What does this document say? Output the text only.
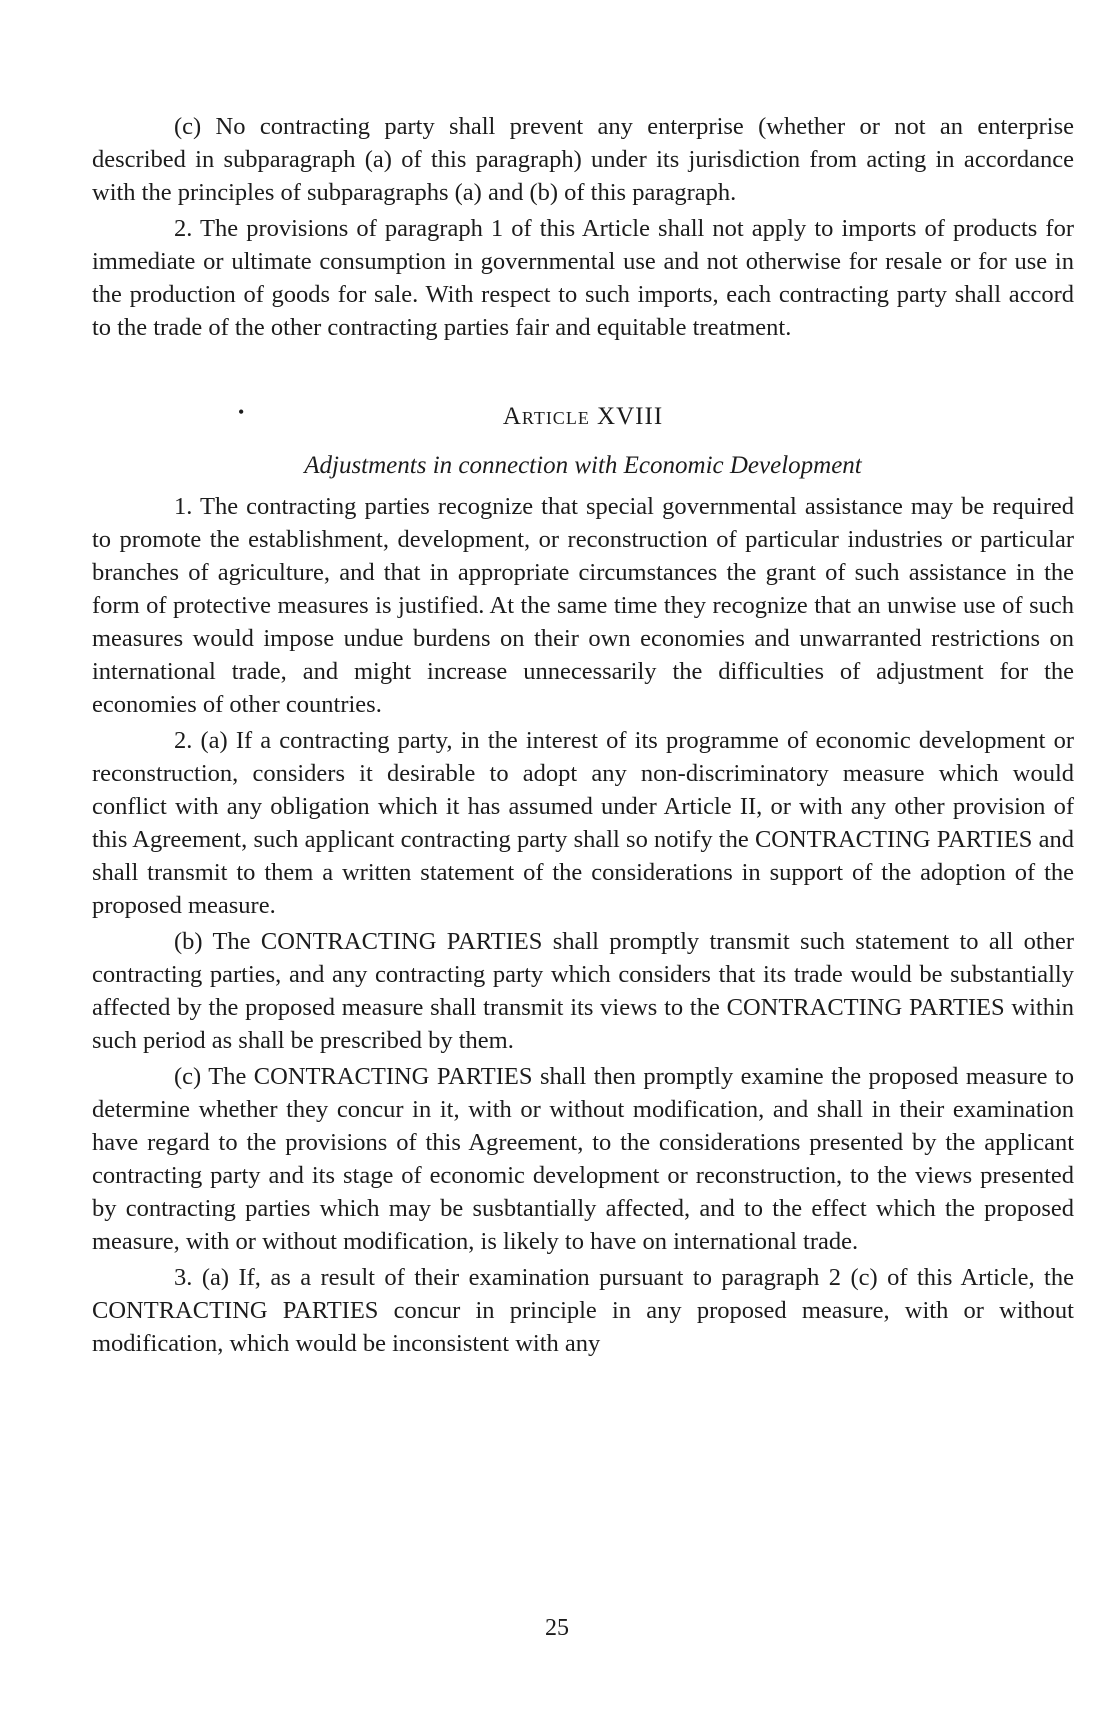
(c) No contracting party shall prevent any enterprise (whether or not an enterprise described in subparagraph (a) of this paragraph) under its jurisdiction from acting in accordance with the principles of subparagraphs (a) and (b) of this paragraph.

2. The provisions of paragraph 1 of this Article shall not apply to imports of products for immediate or ultimate consumption in governmental use and not otherwise for resale or for use in the production of goods for sale. With respect to such imports, each contracting party shall accord to the trade of the other contracting parties fair and equitable treatment.

•	Article XVIII
Adjustments in connection with Economic Development

1. The contracting parties recognize that special governmental assistance may be required to promote the establishment, development, or reconstruction of particular industries or particular branches of agriculture, and that in appropriate circumstances the grant of such assistance in the form of protective measures is justified. At the same time they recognize that an unwise use of such measures would impose undue burdens on their own economies and unwarranted restrictions on international trade, and might increase unnecessarily the difficulties of adjustment for the economies of other countries.

2. (a) If a contracting party, in the interest of its programme of economic development or reconstruction, considers it desirable to adopt any non-discriminatory measure which would conflict with any obligation which it has assumed under Article II, or with any other provision of this Agreement, such applicant contracting party shall so notify the CONTRACTING PARTIES and shall transmit to them a written statement of the considerations in support of the adoption of the proposed measure.

(b) The CONTRACTING PARTIES shall promptly transmit such statement to all other contracting parties, and any contracting party which considers that its trade would be substantially affected by the proposed measure shall transmit its views to the CONTRACTING PARTIES within such period as shall be prescribed by them.

(c) The CONTRACTING PARTIES shall then promptly examine the proposed measure to determine whether they concur in it, with or without modification, and shall in their examination have regard to the provisions of this Agreement, to the considerations presented by the applicant contracting party and its stage of economic development or reconstruction, to the views presented by contracting parties which may be susbtantially affected, and to the effect which the proposed measure, with or without modification, is likely to have on international trade.

3. (a) If, as a result of their examination pursuant to paragraph 2 (c) of this Article, the CONTRACTING PARTIES concur in principle in any proposed measure, with or without modification, which would be inconsistent with any

25
